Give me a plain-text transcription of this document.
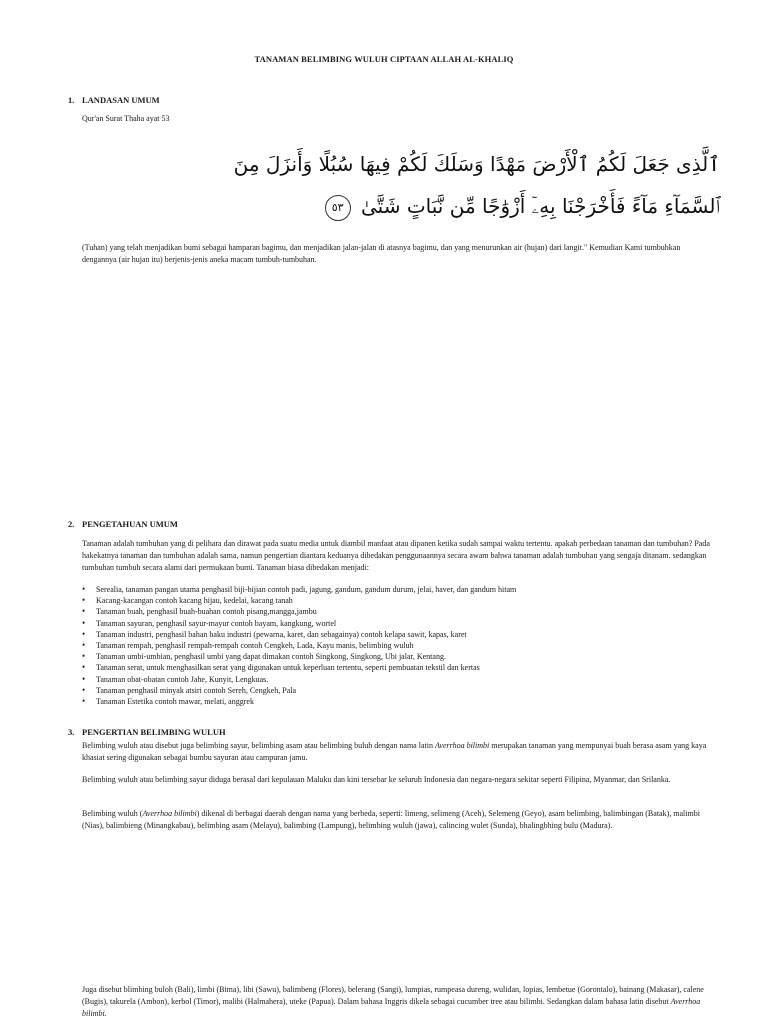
TANAMAN BELIMBING WULUH CIPTAAN ALLAH AL-KHALIQ
1. LANDASAN UMUM

Qur'an Surat Thaha ayat 53

ٱلَّذِى جَعَلَ لَكُمُ ٱلْأَرْضَ مَهْدًا وَسَلَكَ لَكُمْ فِيهَا سُبُلًا وَأَنزَلَ مِنَ
ٱلسَّمَآءِ مَآءً فَأَخْرَجْنَا بِهِۦٓ أَزْوَٰجًا مِّن نَّبَاتٍ شَتَّىٰ ٥٣

(Tuhan) yang telah menjadikan bumi sebagai hamparan bagimu, dan menjadikan jalan-jalan di atasnya bagimu, dan yang menurunkan air (hujan) dari langit." Kemudian Kami tumbuhkan dengannya (air hujan itu) berjenis-jenis aneka macam tumbuh-tumbuhan.

2. PENGETAHUAN UMUM

Tanaman adalah tumbuhan yang di pelihara dan dirawat pada suatu media untuk diambil manfaat atau dipanen ketika sudah sampai waktu tertentu. apakah perbedaan tanaman dan tumbuhan? Pada hakekatnya tanaman dan tumbuhan adalah sama, namun pengertian diantara keduanya dibedakan penggunaannya secara awam bahwa tanaman adalah tumbuhan yang sengaja ditanam. sedangkan tumbuhan tumbuh secara alami dari permukaan bumi. Tanaman biasa dibedakan menjadi:

• Serealia, tanaman pangan utama penghasil biji-bijian contoh padi, jagung, gandum, gandum durum, jelai, haver, dan gandum hitam
• Kacang-kacangan contoh kacang hijau, kedelai, kacang tanah
• Tanaman buah, penghasil buah-buahan contoh pisang,mangga,jambu
• Tanaman sayuran, penghasil sayur-mayur contoh bayam, kangkung, wortel
• Tanaman industri, penghasil bahan baku industri (pewarna, karet, dan sebagainya) contoh kelapa sawit, kapas, karet
• Tanaman rempah, penghasil rempah-rempah contoh Cengkeh, Lada, Kayu manis, belimbing wuluh
• Tanaman umbi-umbian, penghasil umbi yang dapat dimakan contoh Singkong, Singkong, Ubi jalar, Kentang.
• Tanaman serat, untuk menghasilkan serat yang digunakan untuk keperluan tertentu, seperti pembuatan tekstil dan kertas
• Tanaman obat-obatan contoh Jahe, Kunyit, Lengkuas.
• Tanaman penghasil minyak atsiri contoh Sereh, Cengkeh, Pala
• Tanaman Estetika contoh mawar, melati, anggrek
3. PENGERTIAN BELIMBING WULUH

Belimbing wuluh atau disebut juga belimbing sayur, belimbing asam atau belimbing buluh dengan nama latin Averrhoa bilimbi merupakan tanaman yang mempunyai buah berasa asam yang kaya khasiat sering digunakan sebagai bumbu sayuran atau campuran jamu.

Belimbing wuluh atau belimbing sayur diduga berasal dari kepulauan Maluku dan kini tersebar ke seluruh Indonesia dan negara-negara sekitar seperti Filipina, Myanmar, dan Srilanka.

Belimbing wuluh (Averrhoa bilimbi) dikenal di berbagai daerah dengan nama yang berbeda, seperti: limeng, selimeng (Aceh), Selemeng (Geyo), asam belimbing, balimbingan (Batak), malimbi (Nias), balimbieng (Minangkabau), belimbing asam (Melayu), balimbing (Lampung), belimbing wuluh (jawa), calincing wulet (Sunda), bhalingbhing bulu (Madura).

Juga disebut blimbing buloh (Bali), limbi (Bima), libi (Sawu), balimbeng (Flores), belerang (Sangi), lumpias, rumpeasa dureng, wulidan, lopias, lembetue (Gorontalo), bainang (Makasar), calene (Bugis), takurela (Ambon), kerbol (Timor), malibi (Halmahera), uteke (Papua). Dalam bahasa Inggris dikela sebagai cucumber tree atau bilimbi. Sedangkan dalam bahasa latin disebut Averrhoa bilimbi.
